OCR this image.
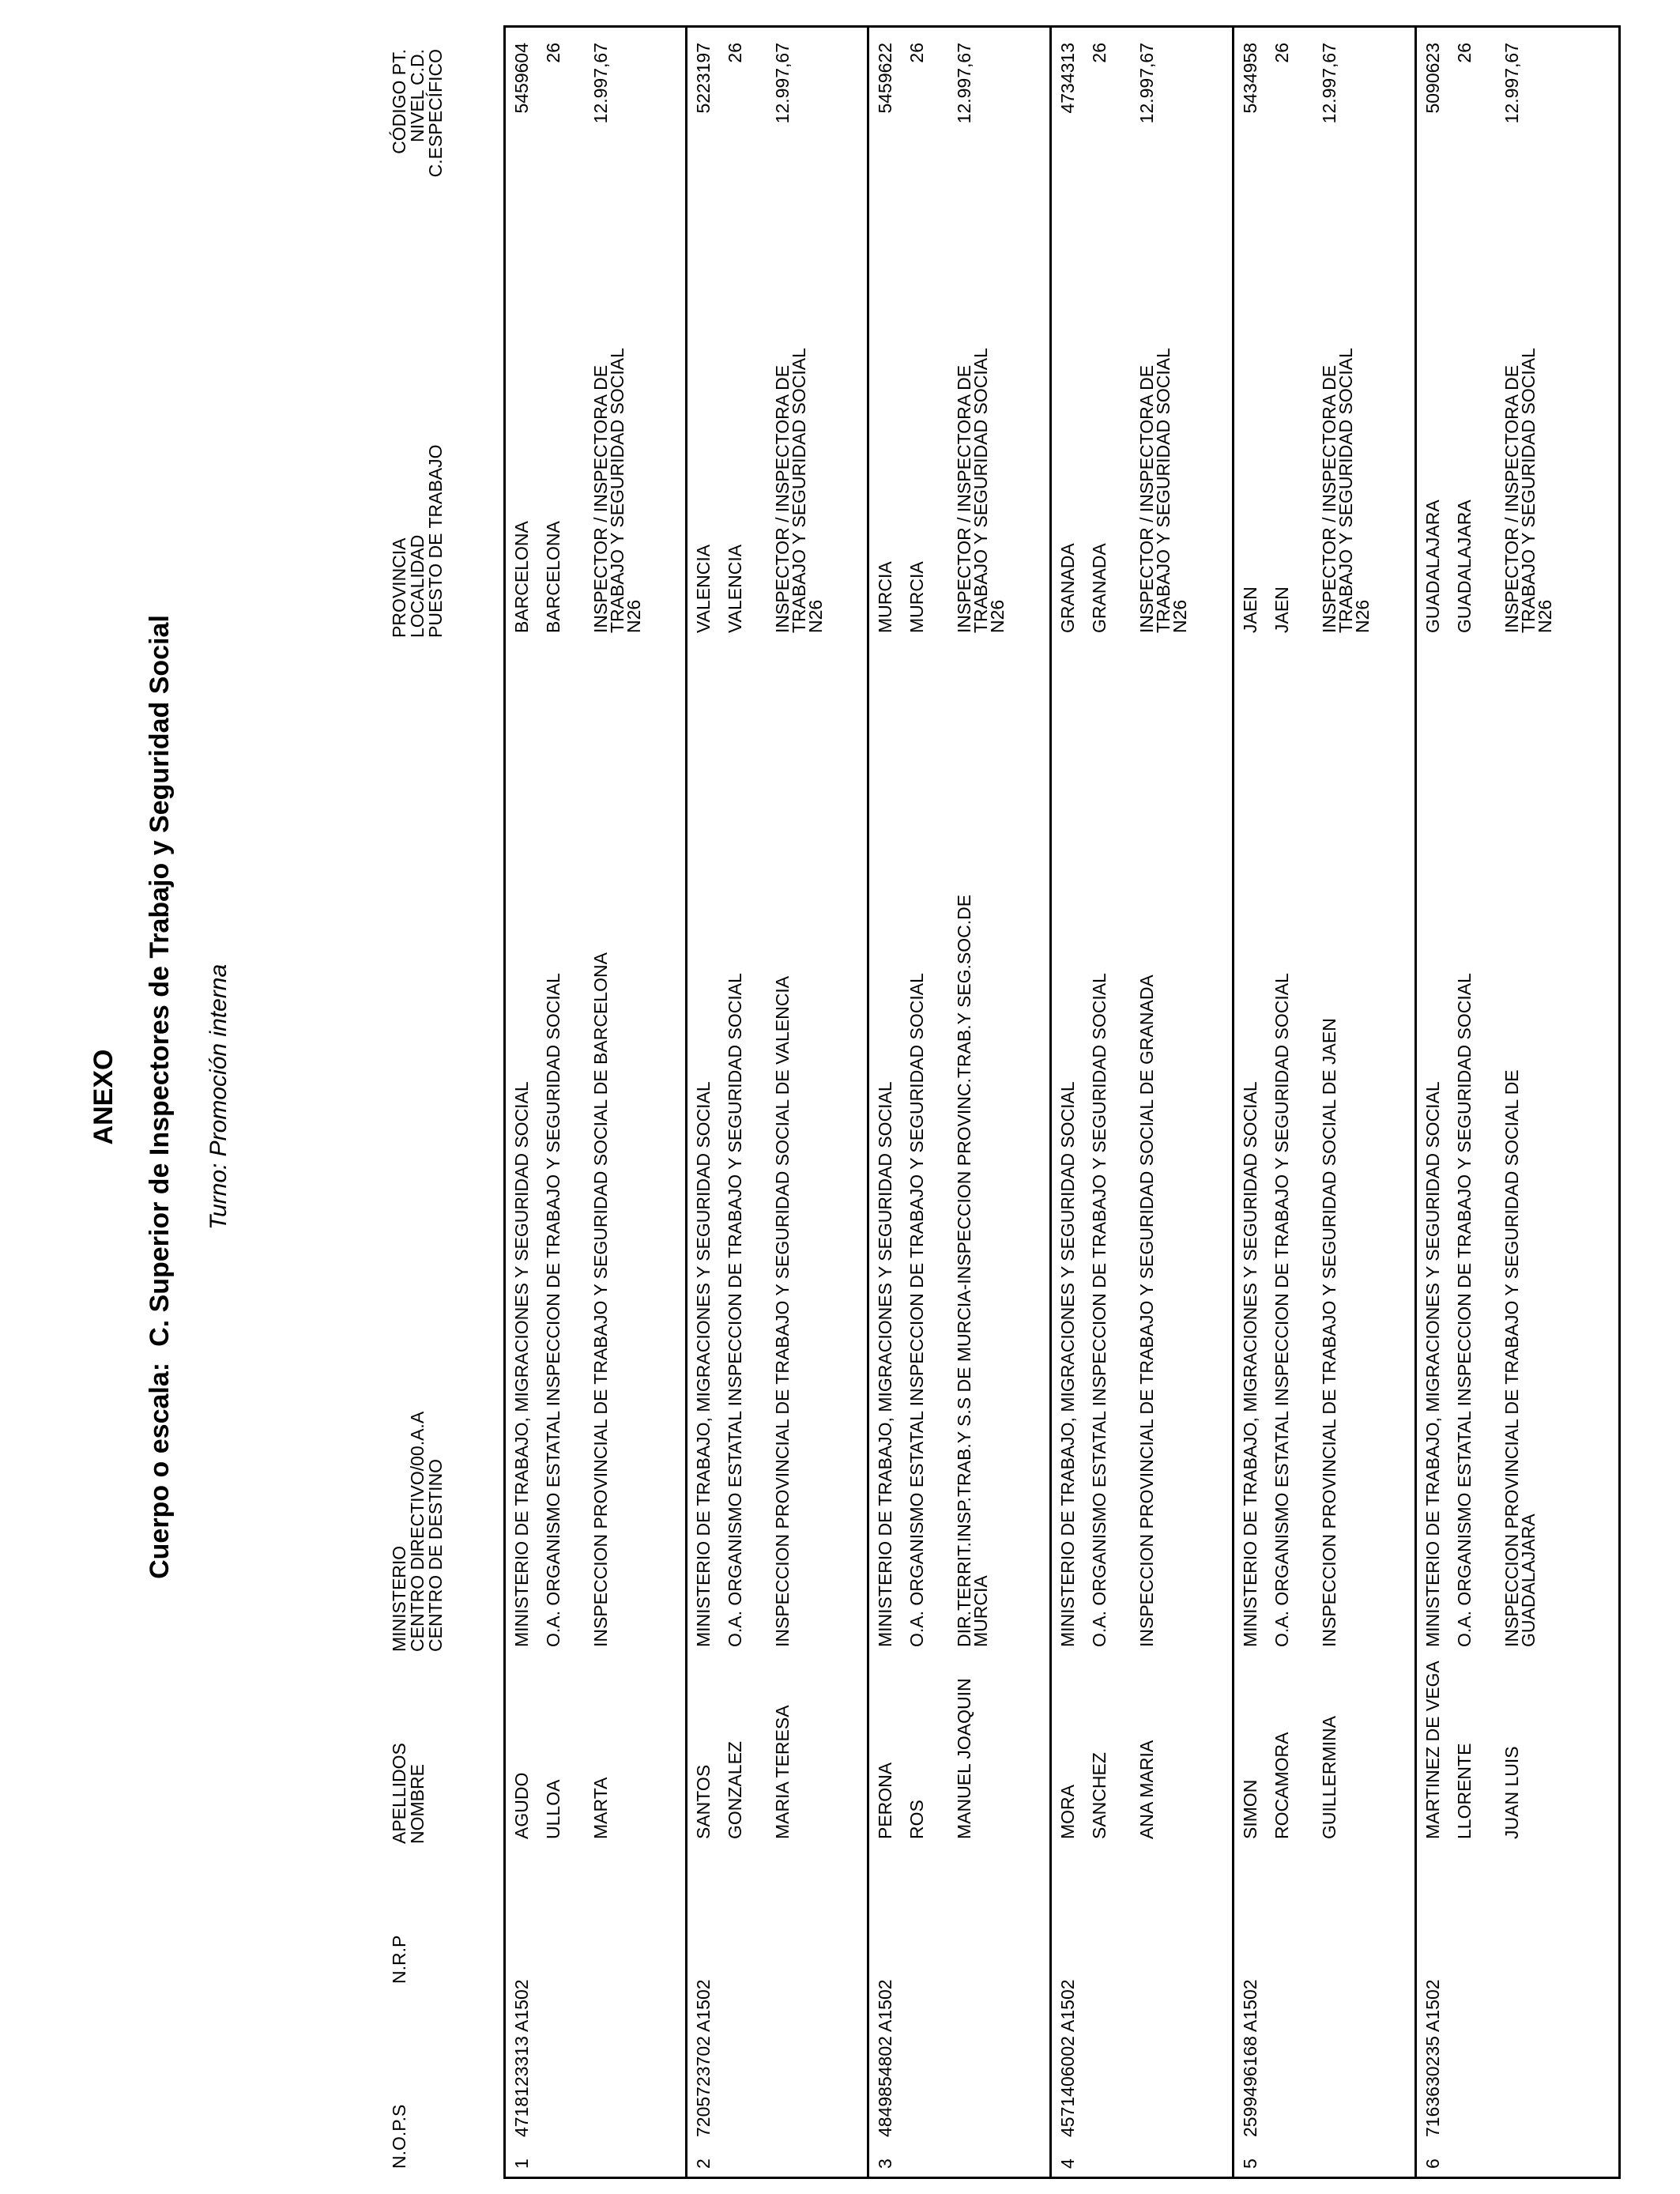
ANEXO
Cuerpo o escala:C. Superior de Inspectores de Trabajo y Seguridad Social Turno: Promoción interna
N.O.P.S
N.R.P
APELLIDOS
NOMBRE
MINISTERIO
CENTRO DIRECTIVO/00.A.A
CENTRO DE DESTINO
PROVINCIA
LOCALIDAD
PUESTO DE TRABAJO
CÓDIGO PT.
NIVEL C.D.
C.ESPECÍFICO
1
4718123313 A1502
AGUDO ULLOA MARTA
MINISTERIO DE TRABAJO, MIGRACIONES Y SEGURIDAD SOCIAL O.A. ORGANISMO ESTATAL INSPECCION DE TRABAJO Y SEGURIDAD SOCIAL INSPECCION PROVINCIAL DE TRABAJO Y SEGURIDAD SOCIAL DE BARCELONA
BARCELONA BARCELONA INSPECTOR / INSPECTORA DE TRABAJO Y SEGURIDAD SOCIAL N26
5459604 26 12.997,67
2
7205723702 A1502
SANTOS GONZALEZ MARIA TERESA
MINISTERIO DE TRABAJO, MIGRACIONES Y SEGURIDAD SOCIAL O.A. ORGANISMO ESTATAL INSPECCION DE TRABAJO Y SEGURIDAD SOCIAL INSPECCION PROVINCIAL DE TRABAJO Y SEGURIDAD SOCIAL DE VALENCIA
VALENCIA VALENCIA INSPECTOR / INSPECTORA DE TRABAJO Y SEGURIDAD SOCIAL N26
5223197 26 12.997,67
3
4849854802 A1502
PERONA ROS MANUEL JOAQUIN
MINISTERIO DE TRABAJO, MIGRACIONES Y SEGURIDAD SOCIAL O.A. ORGANISMO ESTATAL INSPECCION DE TRABAJO Y SEGURIDAD SOCIAL DIR.TERRIT.INSP.TRAB.Y S.S DE MURCIA-INSPECCION PROVINC.TRAB.Y SEG.SOC.DE MURCIA
MURCIA MURCIA INSPECTOR / INSPECTORA DE TRABAJO Y SEGURIDAD SOCIAL N26
5459622 26 12.997,67
4
4571406002 A1502
MORA SANCHEZ ANA MARIA
MINISTERIO DE TRABAJO, MIGRACIONES Y SEGURIDAD SOCIAL O.A. ORGANISMO ESTATAL INSPECCION DE TRABAJO Y SEGURIDAD SOCIAL INSPECCION PROVINCIAL DE TRABAJO Y SEGURIDAD SOCIAL DE GRANADA
GRANADA GRANADA INSPECTOR / INSPECTORA DE TRABAJO Y SEGURIDAD SOCIAL N26
4734313 26 12.997,67
5
2599496168 A1502
SIMON ROCAMORA GUILLERMINA
MINISTERIO DE TRABAJO, MIGRACIONES Y SEGURIDAD SOCIAL O.A. ORGANISMO ESTATAL INSPECCION DE TRABAJO Y SEGURIDAD SOCIAL INSPECCION PROVINCIAL DE TRABAJO Y SEGURIDAD SOCIAL DE JAEN
JAEN JAEN INSPECTOR / INSPECTORA DE TRABAJO Y SEGURIDAD SOCIAL N26
5434958 26 12.997,67
6
7163630235 A1502
MARTINEZ DE VEGA LLORENTE JUAN LUIS
MINISTERIO DE TRABAJO, MIGRACIONES Y SEGURIDAD SOCIAL O.A. ORGANISMO ESTATAL INSPECCION DE TRABAJO Y SEGURIDAD SOCIAL INSPECCION PROVINCIAL DE TRABAJO Y SEGURIDAD SOCIAL DE GUADALAJARA
GUADALAJARA GUADALAJARA INSPECTOR / INSPECTORA DE TRABAJO Y SEGURIDAD SOCIAL N26
5090623 26 12.997,67
